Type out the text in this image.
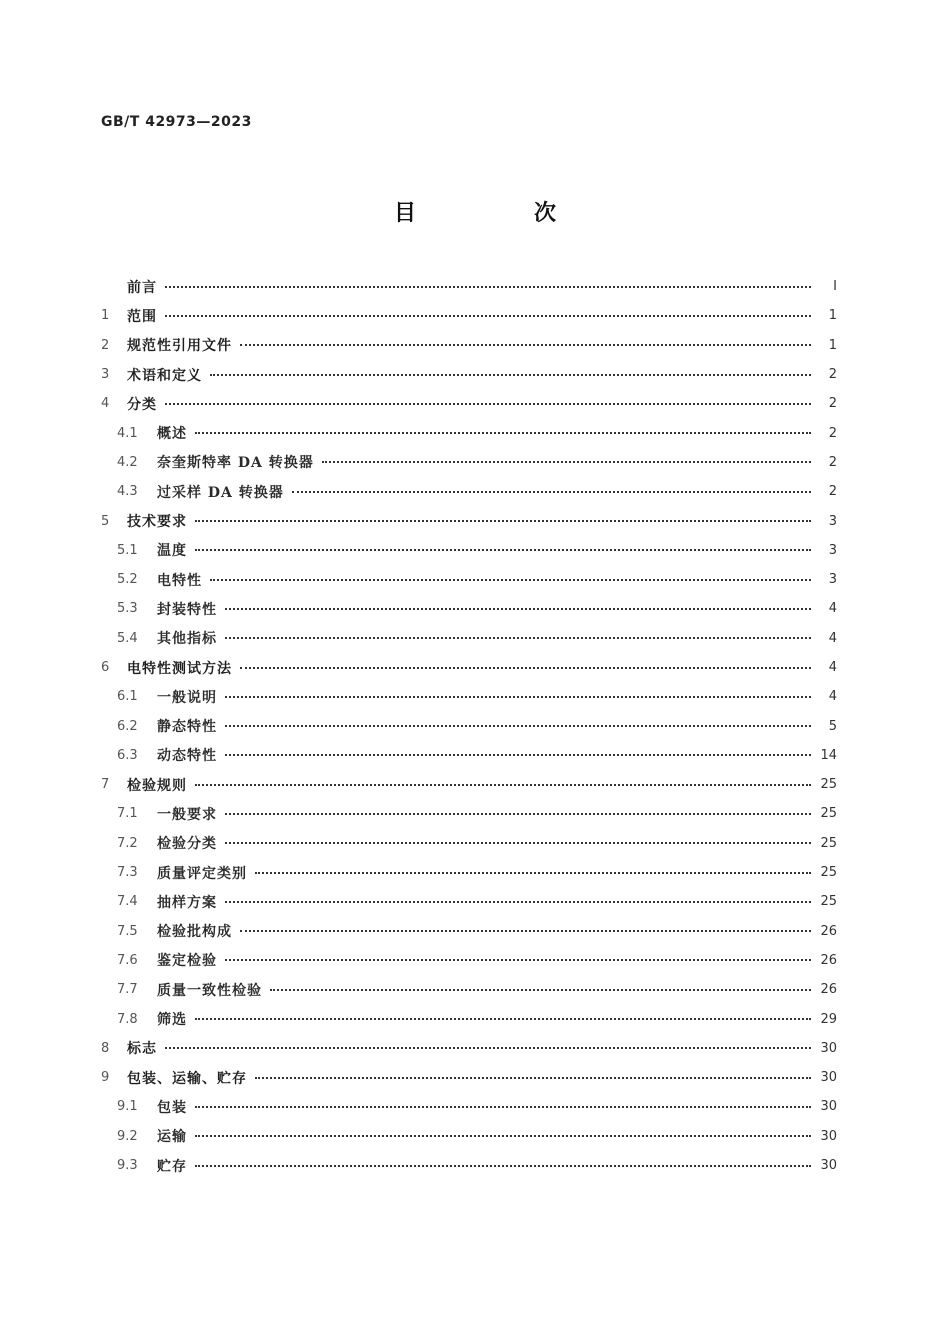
GB/T 42973—2023
目　次
前言	Ⅰ
1	范围	1
2	规范性引用文件	1
3	术语和定义	2
4	分类	2
4.1	概述	2
4.2	奈奎斯特率 DA 转换器	2
4.3	过采样 DA 转换器	2
5	技术要求	3
5.1	温度	3
5.2	电特性	3
5.3	封装特性	4
5.4	其他指标	4
6	电特性测试方法	4
6.1	一般说明	4
6.2	静态特性	5
6.3	动态特性	14
7	检验规则	25
7.1	一般要求	25
7.2	检验分类	25
7.3	质量评定类别	25
7.4	抽样方案	25
7.5	检验批构成	26
7.6	鉴定检验	26
7.7	质量一致性检验	26
7.8	筛选	29
8	标志	30
9	包装、运输、贮存	30
9.1	包装	30
9.2	运输	30
9.3	贮存	30
